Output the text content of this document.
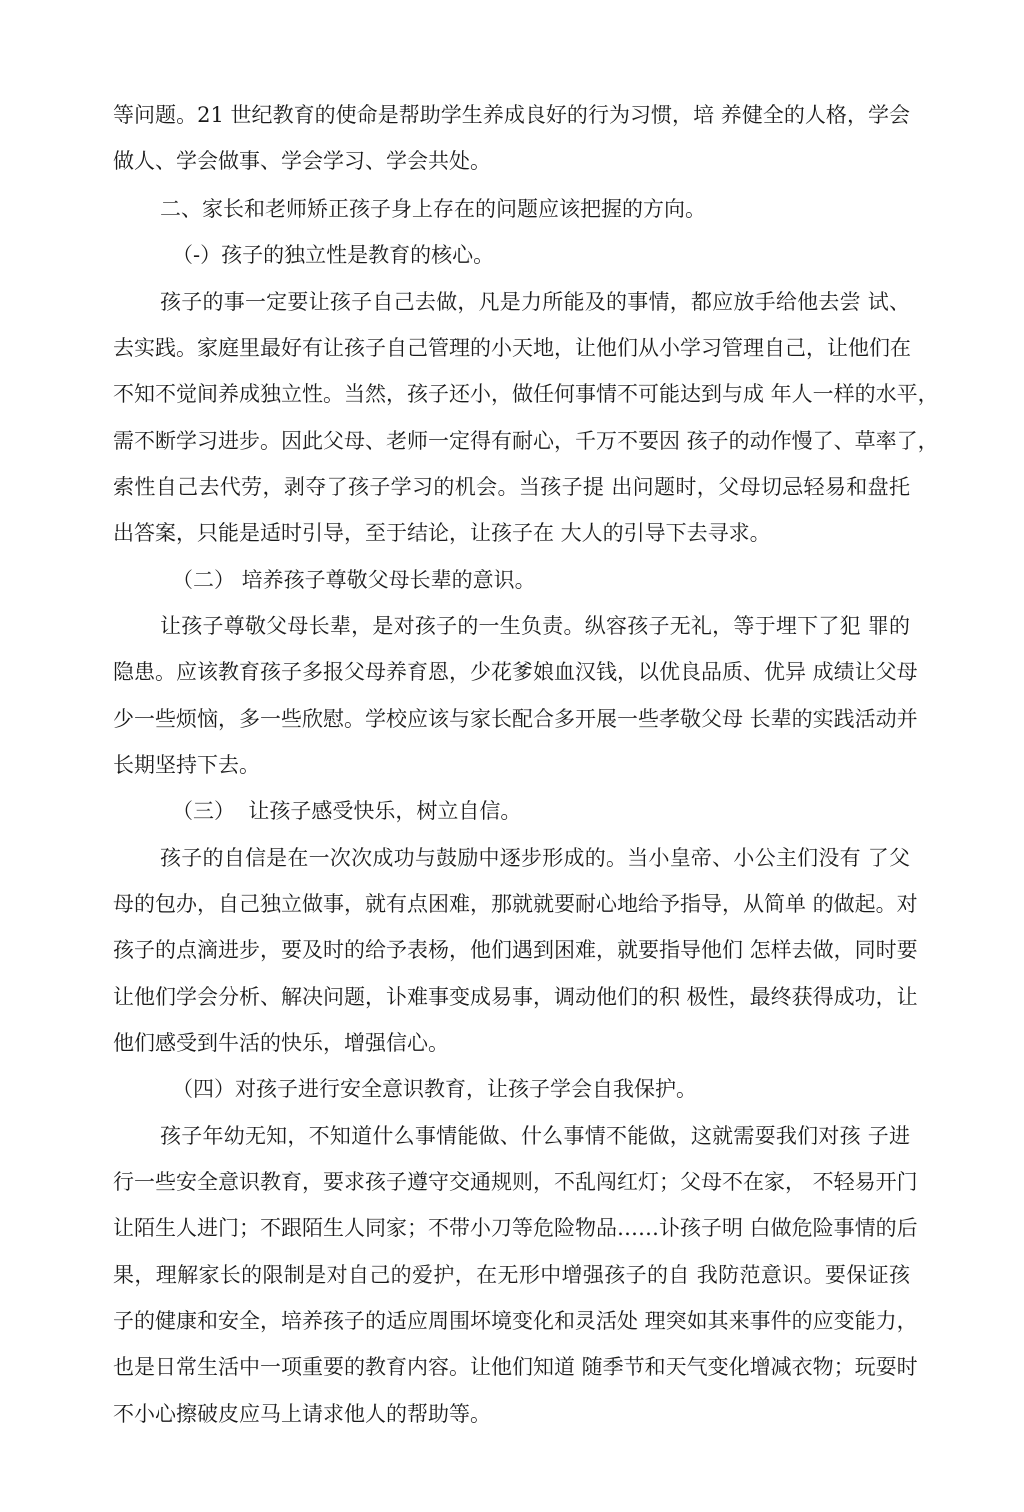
等问题。21 世纪教育的使命是帮助学生养成良好的行为习惯，培 养健全的人格，学会
做人、学会做事、学会学习、学会共处。
二、家长和老师矫正孩子身上存在的问题应该把握的方向。
（-）孩子的独立性是教育的核心。
孩子的事一定要让孩子自己去做，凡是力所能及的事情，都应放手给他去尝 试、
去实践。家庭里最好有让孩子自己管理的小天地，让他们从小学习管理自己，让他们在
不知不觉间养成独立性。当然，孩子还小，做任何事情不可能达到与成 年人一样的水平，
需不断学习进步。因此父母、老师一定得有耐心，千万不要因 孩子的动作慢了、草率了，
索性自己去代劳，剥夺了孩子学习的机会。当孩子提 出问题时，父母切忌轻易和盘托
出答案，只能是适时引导，至于结论，让孩子在 大人的引导下去寻求。
（二） 培养孩子尊敬父母长辈的意识。
让孩子尊敬父母长辈，是对孩子的一生负责。纵容孩子无礼，等于埋下了犯 罪的
隐患。应该教育孩子多报父母养育恩，少花爹娘血汉钱，以优良品质、优异 成绩让父母
少一些烦恼，多一些欣慰。学校应该与家长配合多开展一些孝敬父母 长辈的实践活动并
长期坚持下去。
（三）  让孩子感受快乐，树立自信。
孩子的自信是在一次次成功与鼓励中逐步形成的。当小皇帝、小公主们没有 了父
母的包办，自己独立做事，就有点困难，那就就要耐心地给予指导，从简单 的做起。对
孩子的点滴进步，要及时的给予表杨，他们遇到困难，就要指导他们 怎样去做，同时要
让他们学会分析、解决问题，讣难事变成易事，调动他们的积 极性，最终获得成功，让
他们感受到牛活的快乐，增强信心。
（四）对孩子进行安全意识教育，让孩子学会自我保护。
孩子年幼无知，不知道什么事情能做、什么事情不能做，这就需耍我们对孩 子进
行一些安全意识教育，要求孩子遵守交通规则，不乱闯红灯；父母不在家， 不轻易开门
让陌生人进门；不跟陌生人同家；不带小刀等危险物品……讣孩子明 白做危险事情的后
果，理解家长的限制是对自己的爱护，在无形中增强孩子的自 我防范意识。要保证孩
子的健康和安全，培养孩子的适应周围坏境变化和灵活处 理突如其来事件的应变能力，
也是日常生活中一项重要的教育内容。让他们知道 随季节和天气变化增减衣物；玩耍时
不小心擦破皮应马上请求他人的帮助等。
